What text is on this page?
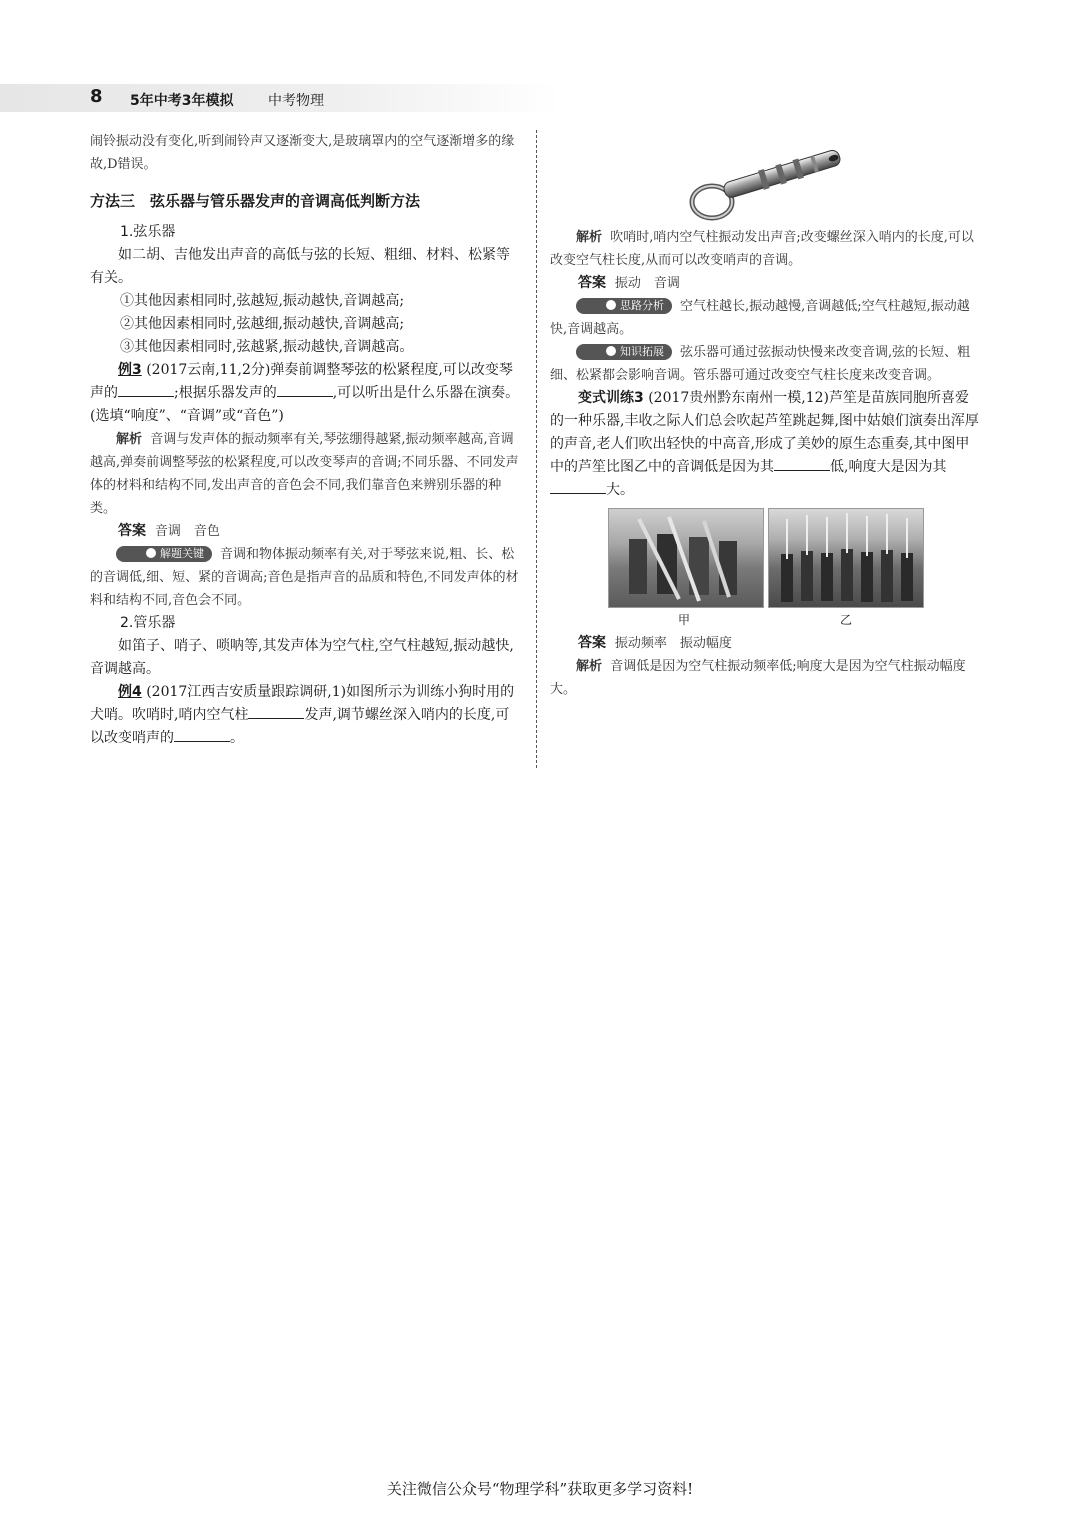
8 5年中考3年模拟 中考物理

闹铃振动没有变化,听到闹铃声又逐渐变大,是玻璃罩内的空气逐渐增多的缘故,D错误。

方法三　弦乐器与管乐器发声的音调高低判断方法

1.弦乐器

如二胡、吉他发出声音的高低与弦的长短、粗细、材料、松紧等有关。

①其他因素相同时,弦越短,振动越快,音调越高;

②其他因素相同时,弦越细,振动越快,音调越高;

③其他因素相同时,弦越紧,振动越快,音调越高。

例3 (2017云南,11,2分)弹奏前调整琴弦的松紧程度,可以改变琴声的	;根据乐器发声的	,可以听出是什么乐器在演奏。(选填“响度”、“音调”或“音色”)

解析 音调与发声体的振动频率有关,琴弦绷得越紧,振动频率越高,音调越高,弹奏前调整琴弦的松紧程度,可以改变琴声的音调;不同乐器、不同发声体的材料和结构不同,发出声音的音色会不同,我们靠音色来辨别乐器的种类。

答案 音调　音色

解题关键 音调和物体振动频率有关,对于琴弦来说,粗、长、松的音调低,细、短、紧的音调高;音色是指声音的品质和特色,不同发声体的材料和结构不同,音色会不同。

2.管乐器

如笛子、哨子、唢呐等,其发声体为空气柱,空气柱越短,振动越快,音调越高。

例4 (2017江西吉安质量跟踪调研,1)如图所示为训练小狗时用的犬哨。吹哨时,哨内空气柱	发声,调节螺丝深入哨内的长度,可以改变哨声的	。

解析 吹哨时,哨内空气柱振动发出声音;改变螺丝深入哨内的长度,可以改变空气柱长度,从而可以改变哨声的音调。

答案 振动　音调

思路分析 空气柱越长,振动越慢,音调越低;空气柱越短,振动越快,音调越高。

知识拓展 弦乐器可通过弦振动快慢来改变音调,弦的长短、粗细、松紧都会影响音调。管乐器可通过改变空气柱长度来改变音调。

变式训练3 (2017贵州黔东南州一模,12)芦笙是苗族同胞所喜爱的一种乐器,丰收之际人们总会吹起芦笙跳起舞,图中姑娘们演奏出浑厚的声音,老人们吹出轻快的中高音,形成了美妙的原生态重奏,其中图甲中的芦笙比图乙中的音调低是因为其	低,响度大是因为其大。

甲	乙

答案 振动频率　振动幅度

解析 音调低是因为空气柱振动频率低;响度大是因为空气柱振动幅度大。

关注微信公众号“物理学科”获取更多学习资料!
